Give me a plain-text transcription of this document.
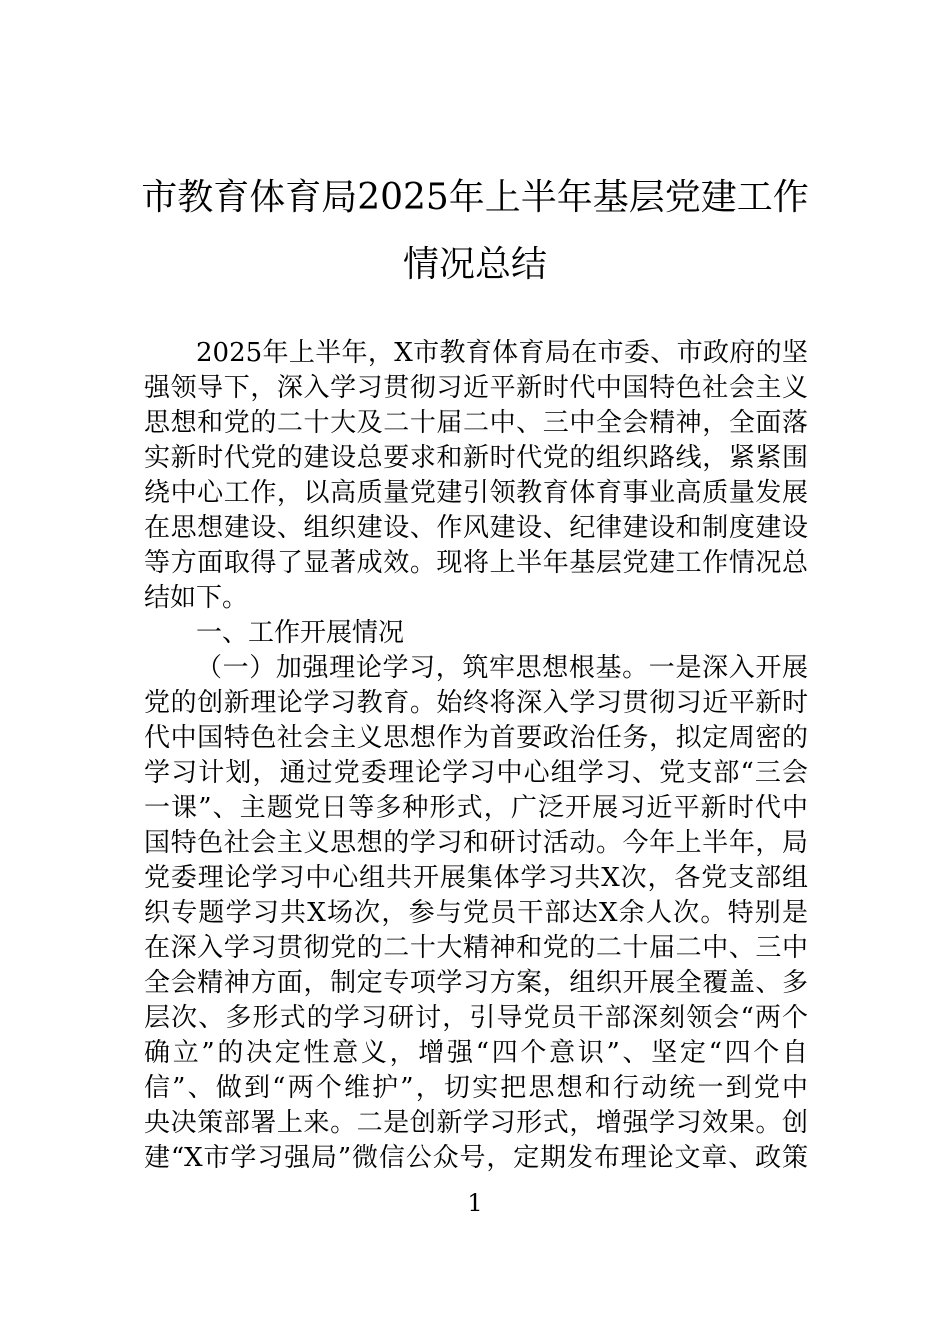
市教育体育局2025年上半年基层党建工作
情况总结
2025年上半年，X市教育体育局在市委、市政府的坚
强领导下，深入学习贯彻习近平新时代中国特色社会主义
思想和党的二十大及二十届二中、三中全会精神，全面落
实新时代党的建设总要求和新时代党的组织路线，紧紧围
绕中心工作，以高质量党建引领教育体育事业高质量发展
在思想建设、组织建设、作风建设、纪律建设和制度建设
等方面取得了显著成效。现将上半年基层党建工作情况总
结如下。
一、工作开展情况
（一）加强理论学习，筑牢思想根基。一是深入开展
党的创新理论学习教育。始终将深入学习贯彻习近平新时
代中国特色社会主义思想作为首要政治任务，拟定周密的
学习计划，通过党委理论学习中心组学习、党支部“三会
一课”、主题党日等多种形式，广泛开展习近平新时代中
国特色社会主义思想的学习和研讨活动。今年上半年，局
党委理论学习中心组共开展集体学习共X次，各党支部组
织专题学习共X场次，参与党员干部达X余人次。特别是
在深入学习贯彻党的二十大精神和党的二十届二中、三中
全会精神方面，制定专项学习方案，组织开展全覆盖、多
层次、多形式的学习研讨，引导党员干部深刻领会“两个
确立”的决定性意义，增强“四个意识”、坚定“四个自
信”、做到“两个维护”，切实把思想和行动统一到党中
央决策部署上来。二是创新学习形式，增强学习效果。创
建“X市学习强局”微信公众号，定期发布理论文章、政策
1
